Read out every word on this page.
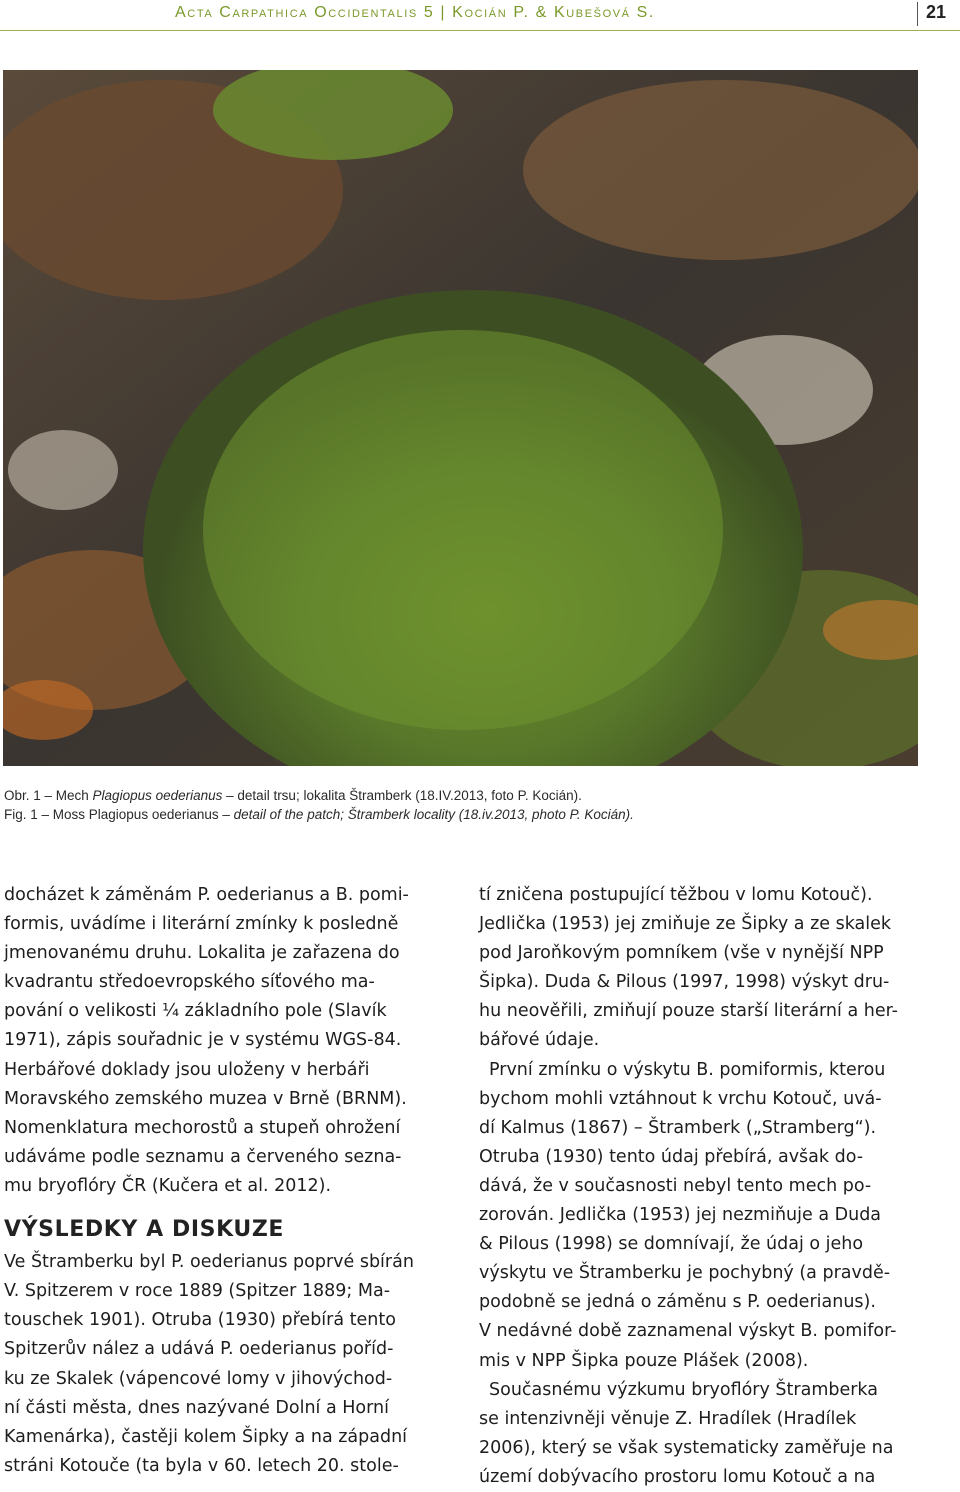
Acta Carpathica Occidentalis 5 | Kocián P. & Kubešová S.	21
Obr. 1 – Mech Plagiopus oederianus – detail trsu; lokalita Štramberk (18.IV.2013, foto P. Kocián).
Fig. 1 – Moss Plagiopus oederianus – detail of the patch; Štramberk locality (18.iv.2013, photo P. Kocián).
docházet k záměnám P. oederianus a B. pomi-
formis, uvádíme i literární zmínky k posledně
jmenovanému druhu. Lokalita je zařazena do
kvadrantu středoevropského síťového ma-
pování o velikosti ¼ základního pole (Slavík
1971), zápis souřadnic je v systému WGS-84.
Herbářové doklady jsou uloženy v herbáři
Moravského zemského muzea v Brně (BRNM).
Nomenklatura mechorostů a stupeň ohrožení
udáváme podle seznamu a červeného sezna-
mu bryoflóry ČR (Kučera et al. 2012).
VÝSLEDKY A DISKUZE
Ve Štramberku byl P. oederianus poprvé sbírán
V. Spitzerem v roce 1889 (Spitzer 1889; Ma-
touschek 1901). Otruba (1930) přebírá tento
Spitzerův nález a udává P. oederianus poříd-
ku ze Skalek (vápencové lomy v jihovýchod-
ní části města, dnes nazývané Dolní a Horní
Kamenárka), častěji kolem Šipky a na západní
stráni Kotouče (ta byla v 60. letech 20. stole-
tí zničena postupující těžbou v lomu Kotouč).
Jedlička (1953) jej zmiňuje ze Šipky a ze skalek
pod Jaroňkovým pomníkem (vše v nynější NPP
Šipka). Duda & Pilous (1997, 1998) výskyt dru-
hu neověřili, zmiňují pouze starší literární a her-
bářové údaje.
První zmínku o výskytu B. pomiformis, kterou
bychom mohli vztáhnout k vrchu Kotouč, uvá-
dí Kalmus (1867) – Štramberk („Stramberg“).
Otruba (1930) tento údaj přebírá, avšak do-
dává, že v současnosti nebyl tento mech po-
zorován. Jedlička (1953) jej nezmiňuje a Duda
& Pilous (1998) se domnívají, že údaj o jeho
výskytu ve Štramberku je pochybný (a pravdě-
podobně se jedná o záměnu s P. oederianus).
V nedávné době zaznamenal výskyt B. pomifor-
mis v NPP Šipka pouze Plášek (2008).
Současnému výzkumu bryoflóry Štramberka
se intenzivněji věnuje Z. Hradílek (Hradílek
2006), který se však systematicky zaměřuje na
území dobývacího prostoru lomu Kotouč a na
